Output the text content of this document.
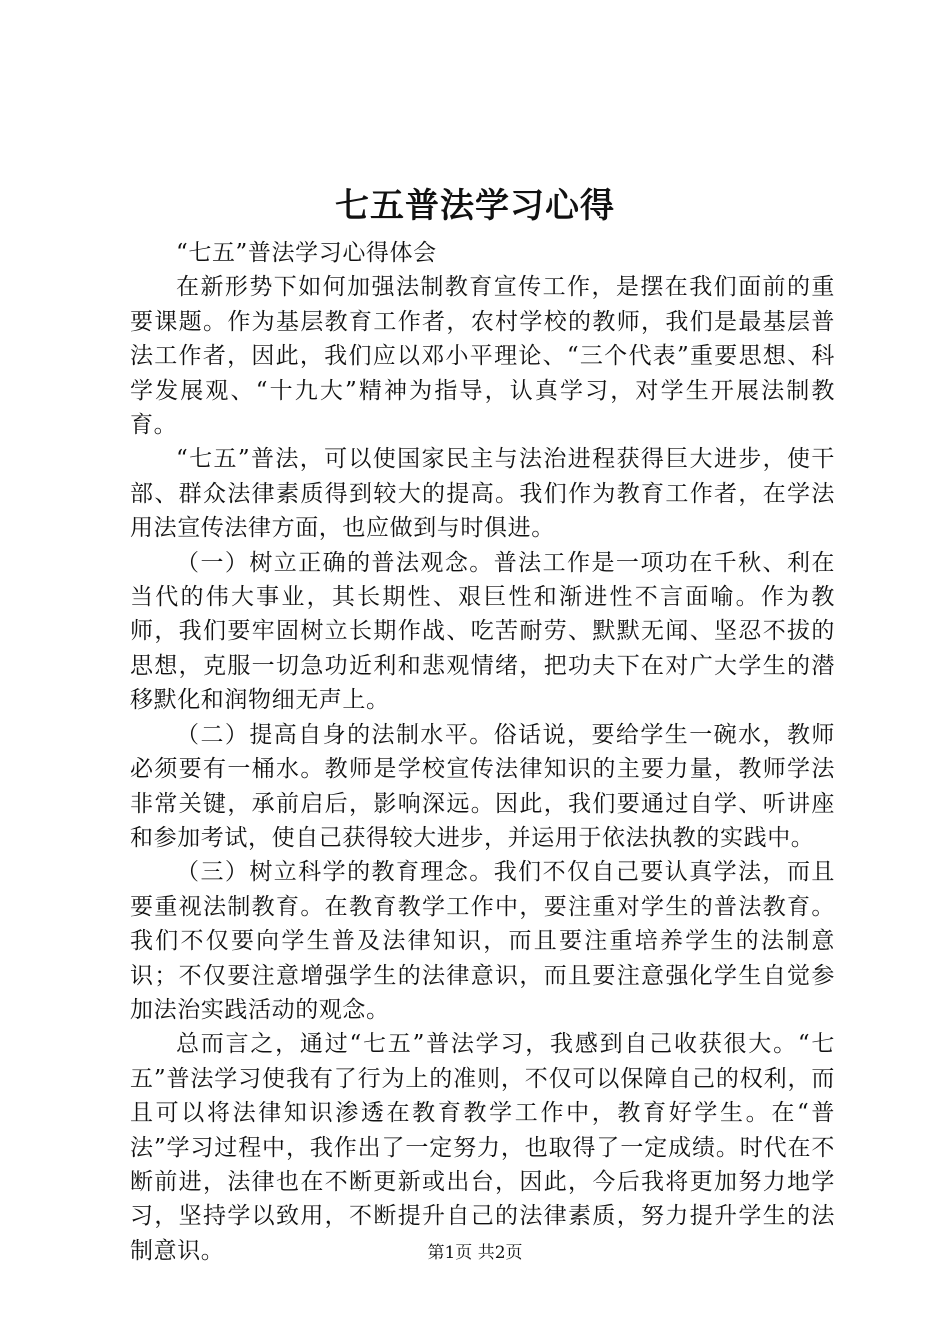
七五普法学习心得

“七五”普法学习心得体会

在新形势下如何加强法制教育宣传工作，是摆在我们面前的重要课题。作为基层教育工作者，农村学校的教师，我们是最基层普法工作者，因此，我们应以邓小平理论、“三个代表”重要思想、科学发展观、“十九大”精神为指导，认真学习，对学生开展法制教育。

“七五”普法，可以使国家民主与法治进程获得巨大进步，使干部、群众法律素质得到较大的提高。我们作为教育工作者，在学法用法宣传法律方面，也应做到与时俱进。

（一）树立正确的普法观念。普法工作是一项功在千秋、利在当代的伟大事业，其长期性、艰巨性和渐进性不言面喻。作为教师，我们要牢固树立长期作战、吃苦耐劳、默默无闻、坚忍不拔的思想，克服一切急功近利和悲观情绪，把功夫下在对广大学生的潜移默化和润物细无声上。

（二）提高自身的法制水平。俗话说，要给学生一碗水，教师必须要有一桶水。教师是学校宣传法律知识的主要力量，教师学法非常关键，承前启后，影响深远。因此，我们要通过自学、听讲座和参加考试，使自己获得较大进步，并运用于依法执教的实践中。

（三）树立科学的教育理念。我们不仅自己要认真学法，而且要重视法制教育。在教育教学工作中，要注重对学生的普法教育。我们不仅要向学生普及法律知识，而且要注重培养学生的法制意识；不仅要注意增强学生的法律意识，而且要注意强化学生自觉参加法治实践活动的观念。

总而言之，通过“七五”普法学习，我感到自己收获很大。“七五”普法学习使我有了行为上的准则，不仅可以保障自己的权利，而且可以将法律知识渗透在教育教学工作中，教育好学生。在“普法”学习过程中，我作出了一定努力，也取得了一定成绩。时代在不断前进，法律也在不断更新或出台，因此，今后我将更加努力地学习，坚持学以致用，不断提升自己的法律素质，努力提升学生的法制意识。	第1页 共2页
